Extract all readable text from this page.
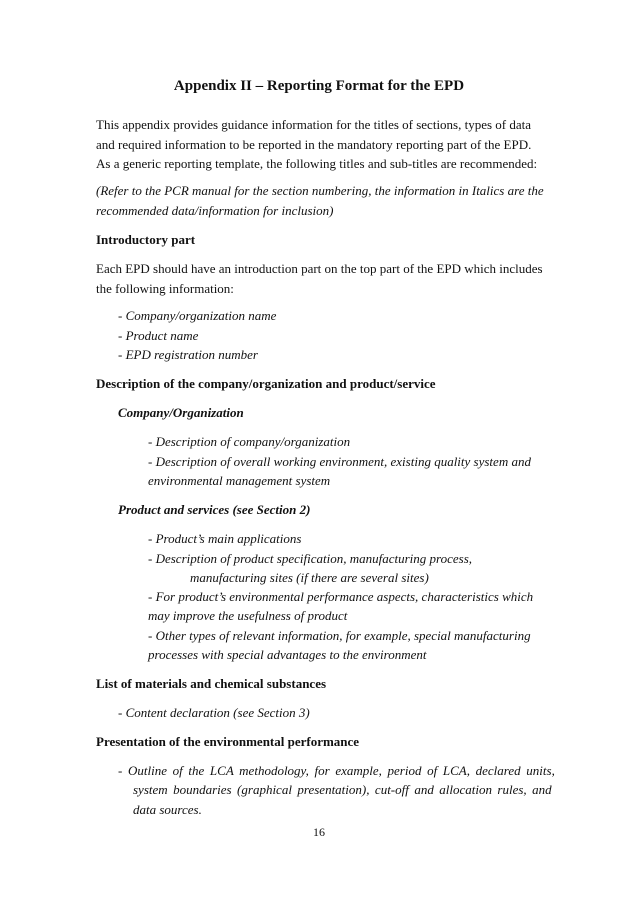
Appendix II – Reporting Format for the EPD
This appendix provides guidance information for the titles of sections, types of data
and required information to be reported in the mandatory reporting part of the EPD.
As a generic reporting template, the following titles and sub-titles are recommended:
(Refer to the PCR manual for the section numbering, the information in Italics are the
recommended data/information for inclusion)
Introductory part
Each EPD should have an introduction part on the top part of the EPD which includes
the following information:
- Company/organization name
- Product name
- EPD registration number
Description of the company/organization and product/service
Company/Organization
- Description of company/organization
- Description of overall working environment, existing quality system and
environmental management system
Product and services (see Section 2)
- Product’s main applications
- Description of product specification, manufacturing process,
manufacturing sites (if there are several sites)
- For product’s environmental performance aspects, characteristics which
may improve the usefulness of product
- Other types of relevant information, for example, special manufacturing
processes with special advantages to the environment
List of materials and chemical substances
- Content declaration (see Section 3)
Presentation of the environmental performance
- Outline of the LCA methodology, for example, period of LCA, declared units,
system boundaries (graphical presentation), cut-off and allocation rules, and
data sources.
16
